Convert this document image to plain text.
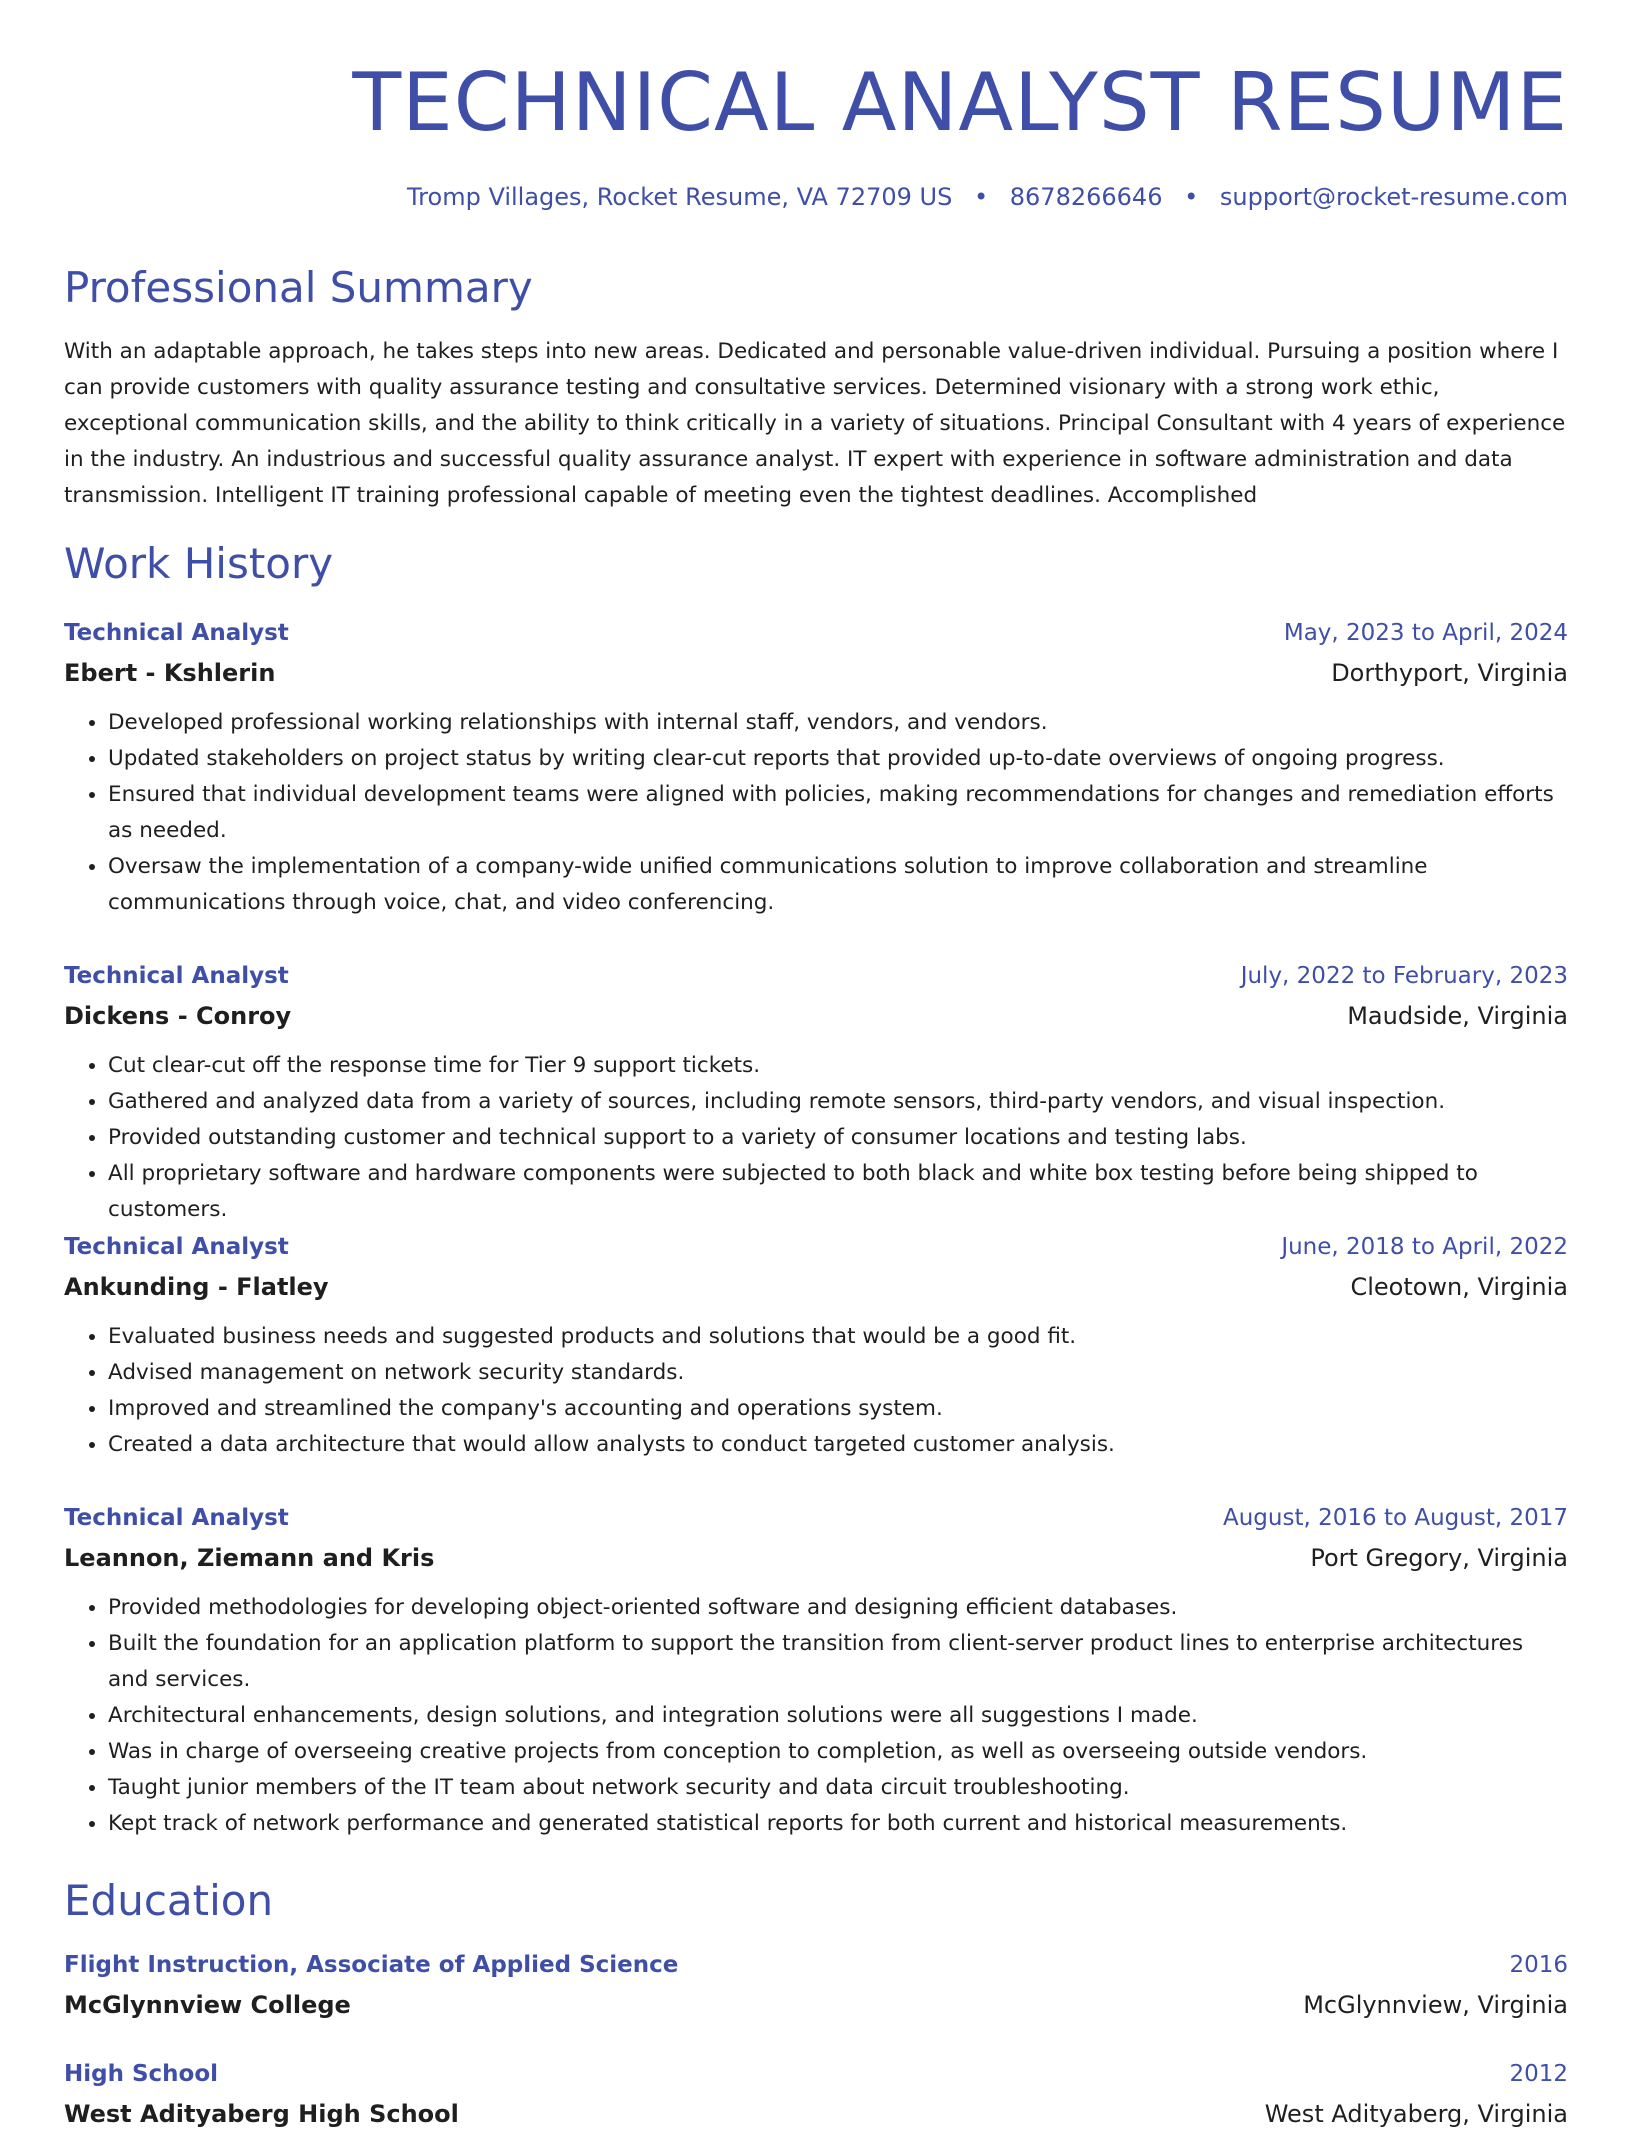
TECHNICAL ANALYST RESUME
Tromp Villages, Rocket Resume, VA 72709 US • 8678266646 • support@rocket-resume.com
Professional Summary

With an adaptable approach, he takes steps into new areas. Dedicated and personable value-driven individual. Pursuing a position where I can provide customers with quality assurance testing and consultative services. Determined visionary with a strong work ethic, exceptional communication skills, and the ability to think critically in a variety of situations. Principal Consultant with 4 years of experience in the industry. An industrious and successful quality assurance analyst. IT expert with experience in software administration and data transmission. Intelligent IT training professional capable of meeting even the tightest deadlines. Accomplished

Work History
Technical Analyst	May, 2023 to April, 2024
Ebert - Kshlerin	Dorthyport, Virginia
• Developed professional working relationships with internal staff, vendors, and vendors.
• Updated stakeholders on project status by writing clear-cut reports that provided up-to-date overviews of ongoing progress.
• Ensured that individual development teams were aligned with policies, making recommendations for changes and remediation efforts as needed.
• Oversaw the implementation of a company-wide unified communications solution to improve collaboration and streamline communications through voice, chat, and video conferencing.
Technical Analyst	July, 2022 to February, 2023
Dickens - Conroy	Maudside, Virginia
• Cut clear-cut off the response time for Tier 9 support tickets.
• Gathered and analyzed data from a variety of sources, including remote sensors, third-party vendors, and visual inspection.
• Provided outstanding customer and technical support to a variety of consumer locations and testing labs.
• All proprietary software and hardware components were subjected to both black and white box testing before being shipped to customers.
Technical Analyst	June, 2018 to April, 2022
Ankunding - Flatley	Cleotown, Virginia
• Evaluated business needs and suggested products and solutions that would be a good fit.
• Advised management on network security standards.
• Improved and streamlined the company's accounting and operations system.
• Created a data architecture that would allow analysts to conduct targeted customer analysis.
Technical Analyst	August, 2016 to August, 2017
Leannon, Ziemann and Kris	Port Gregory, Virginia
• Provided methodologies for developing object-oriented software and designing efficient databases.
• Built the foundation for an application platform to support the transition from client-server product lines to enterprise architectures and services.
• Architectural enhancements, design solutions, and integration solutions were all suggestions I made.
• Was in charge of overseeing creative projects from conception to completion, as well as overseeing outside vendors.
• Taught junior members of the IT team about network security and data circuit troubleshooting.
• Kept track of network performance and generated statistical reports for both current and historical measurements.
Education
Flight Instruction, Associate of Applied Science	2016
McGlynnview College	McGlynnview, Virginia
High School	2012
West Adityaberg High School	West Adityaberg, Virginia
